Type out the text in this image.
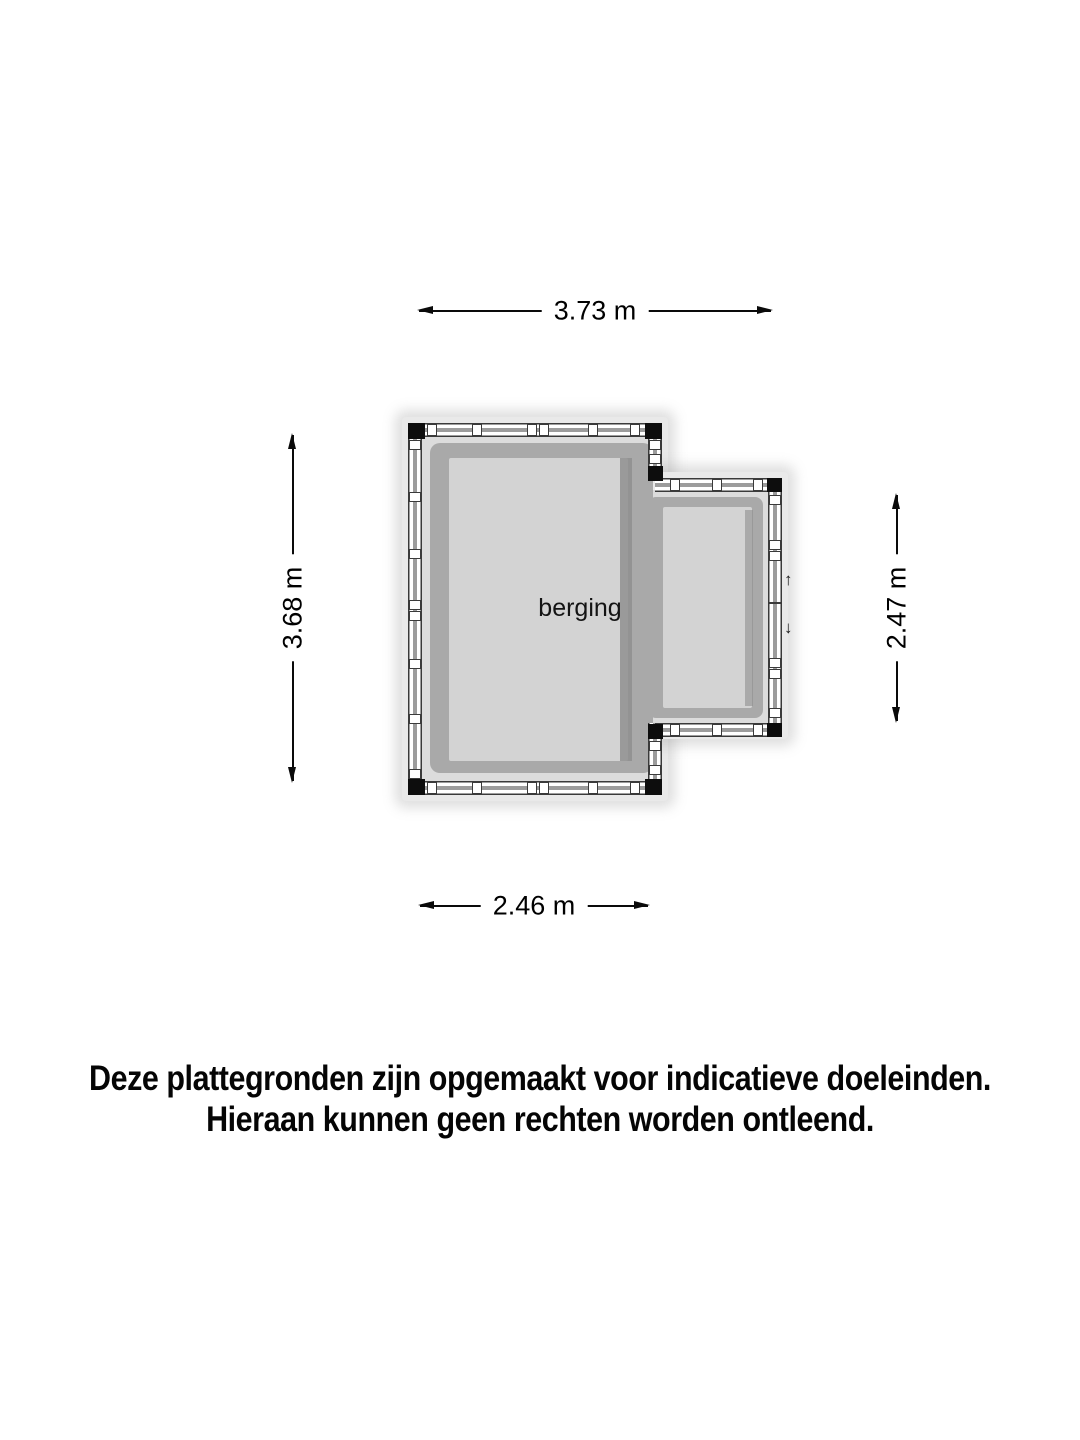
berging
↑
↓
3.73 m
2.46 m
3.68 m	2.47 m
Deze plattegronden zijn opgemaakt voor indicatieve doeleinden.
Hieraan kunnen geen rechten worden ontleend.
